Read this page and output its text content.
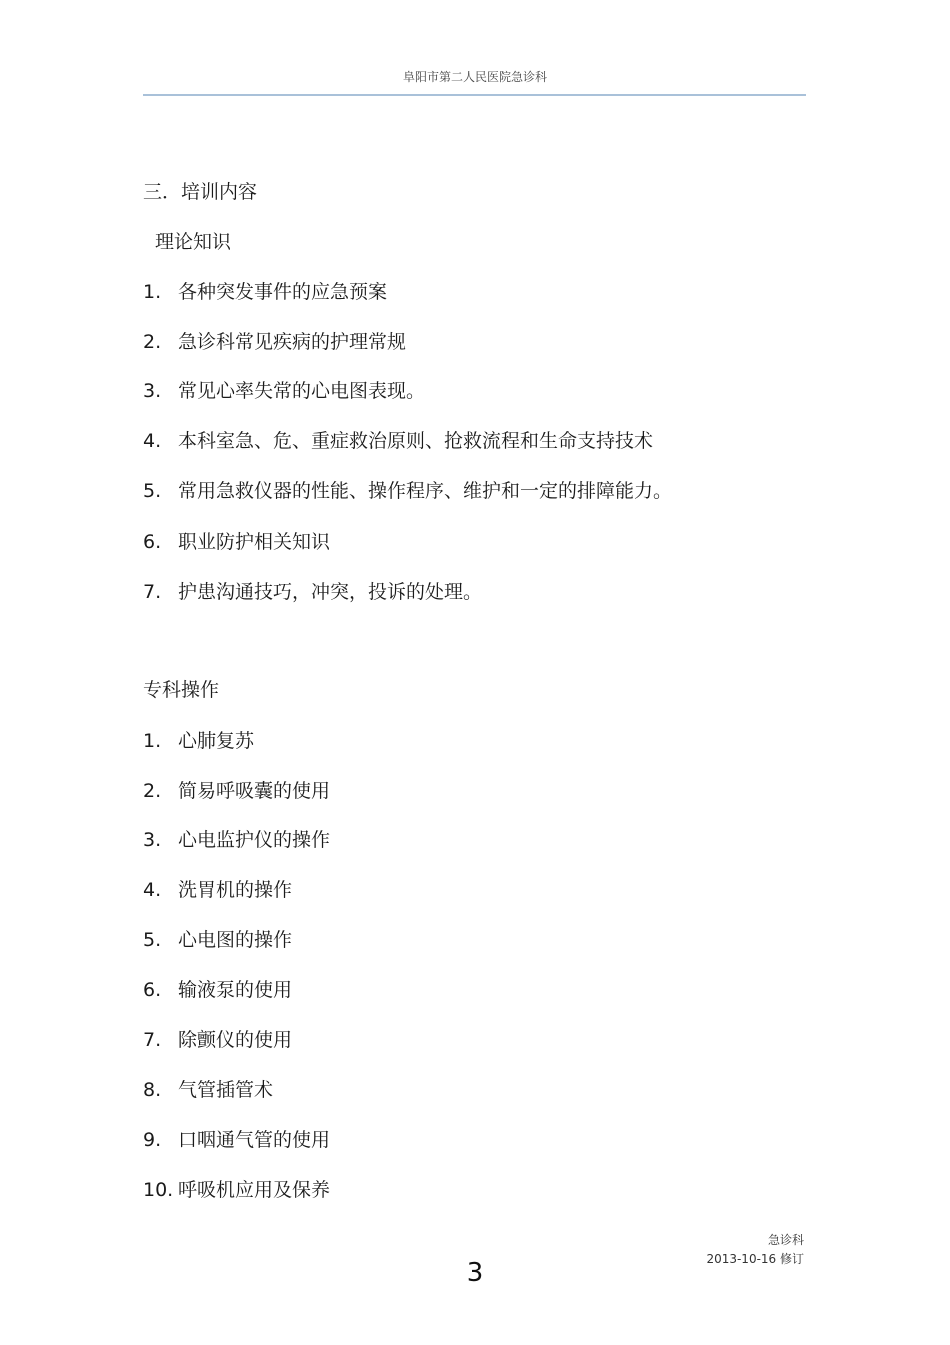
阜阳市第二人民医院急诊科
三．培训内容
理论知识
1. 各种突发事件的应急预案
2. 急诊科常见疾病的护理常规
3. 常见心率失常的心电图表现。
4. 本科室急、危、重症救治原则、抢救流程和生命支持技术
5. 常用急救仪器的性能、操作程序、维护和一定的排障能力。
6. 职业防护相关知识
7. 护患沟通技巧，冲突，投诉的处理。
专科操作
1. 心肺复苏
2. 简易呼吸囊的使用
3. 心电监护仪的操作
4. 洗胃机的操作
5. 心电图的操作
6. 输液泵的使用
7. 除颤仪的使用
8. 气管插管术
9. 口咽通气管的使用
10. 呼吸机应用及保养
急诊科
2013-10-16 修订
3
